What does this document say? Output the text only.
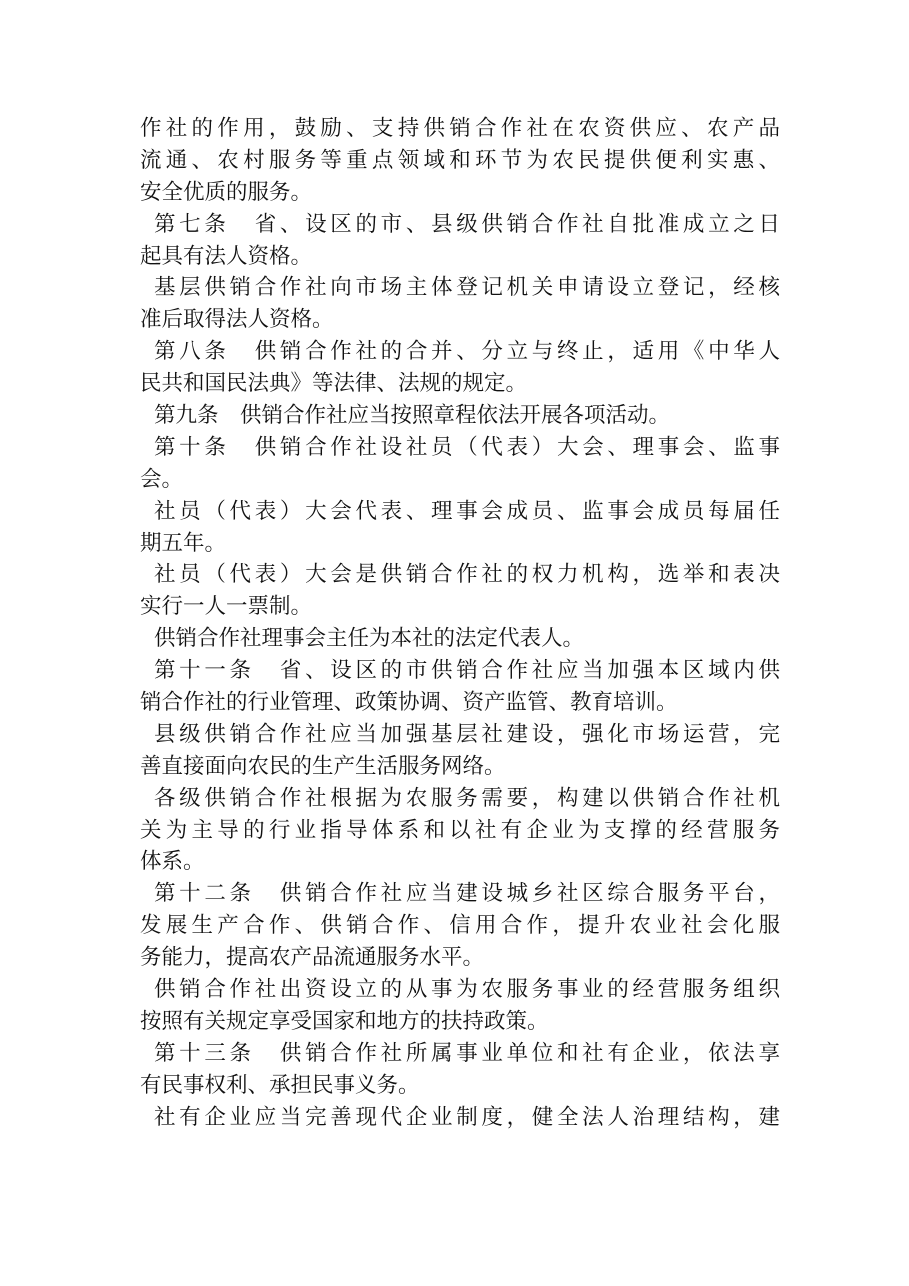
作社的作用，鼓励、支持供销合作社在农资供应、农产品
流通、农村服务等重点领域和环节为农民提供便利实惠、
安全优质的服务。
第七条　省、设区的市、县级供销合作社自批准成立之日
起具有法人资格。
基层供销合作社向市场主体登记机关申请设立登记，经核
准后取得法人资格。
第八条　供销合作社的合并、分立与终止，适用《中华人
民共和国民法典》等法律、法规的规定。
第九条　供销合作社应当按照章程依法开展各项活动。
第十条　供销合作社设社员（代表）大会、理事会、监事
会。
社员（代表）大会代表、理事会成员、监事会成员每届任
期五年。
社员（代表）大会是供销合作社的权力机构，选举和表决
实行一人一票制。
供销合作社理事会主任为本社的法定代表人。
第十一条　省、设区的市供销合作社应当加强本区域内供
销合作社的行业管理、政策协调、资产监管、教育培训。
县级供销合作社应当加强基层社建设，强化市场运营，完
善直接面向农民的生产生活服务网络。
各级供销合作社根据为农服务需要，构建以供销合作社机
关为主导的行业指导体系和以社有企业为支撑的经营服务
体系。
第十二条　供销合作社应当建设城乡社区综合服务平台，
发展生产合作、供销合作、信用合作，提升农业社会化服
务能力，提高农产品流通服务水平。
供销合作社出资设立的从事为农服务事业的经营服务组织
按照有关规定享受国家和地方的扶持政策。
第十三条　供销合作社所属事业单位和社有企业，依法享
有民事权利、承担民事义务。
社有企业应当完善现代企业制度，健全法人治理结构，建
